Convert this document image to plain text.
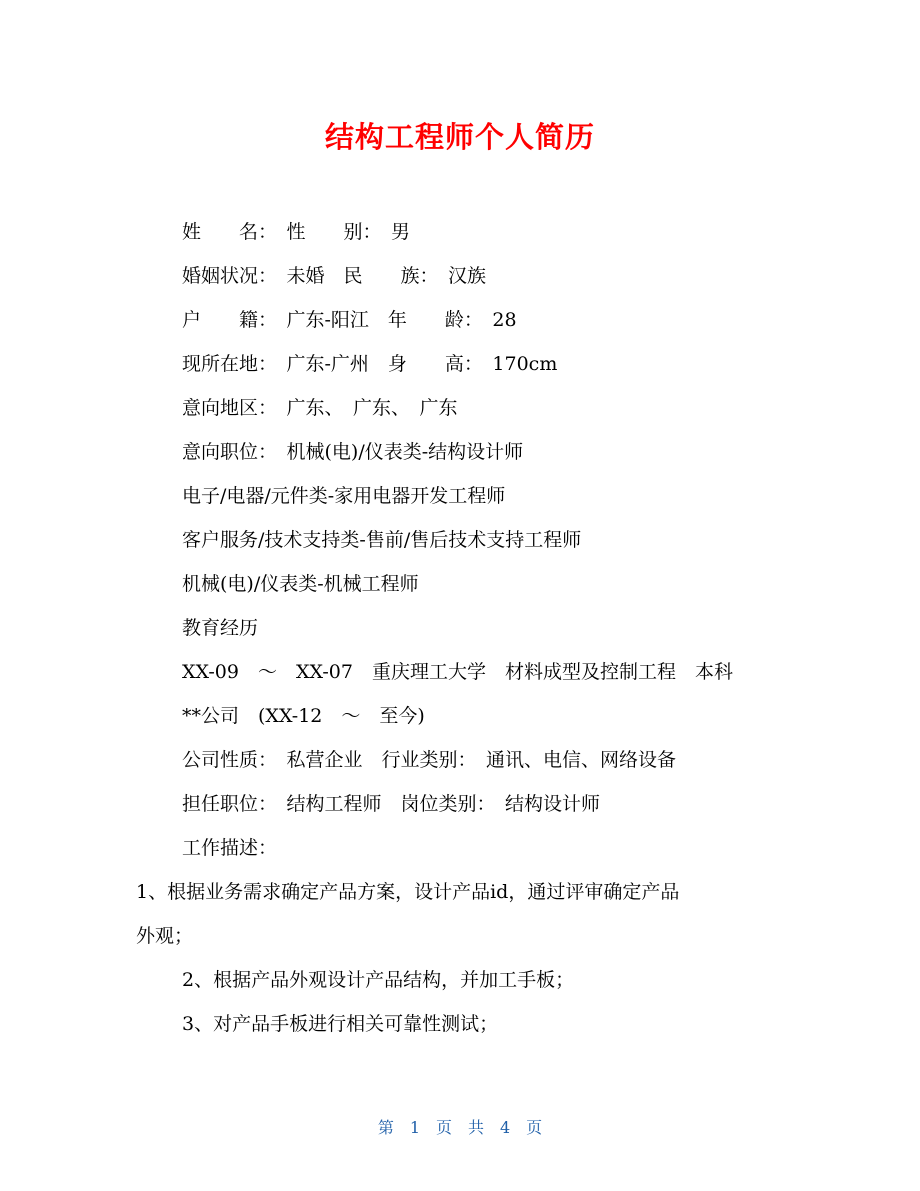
结构工程师个人简历
姓　　名：　性　　别：　男
婚姻状况：　未婚　民　　族：　汉族
户　　籍：　广东-阳江　年　　龄：　28
现所在地：　广东-广州　身　　高：　170cm
意向地区：　广东、　广东、　广东
意向职位：　机械(电)/仪表类-结构设计师
电子/电器/元件类-家用电器开发工程师
客户服务/技术支持类-售前/售后技术支持工程师
机械(电)/仪表类-机械工程师
教育经历
XX-09　～　XX-07　重庆理工大学　材料成型及控制工程　本科
**公司　(XX-12　～　至今)
公司性质：　私营企业　行业类别：　通讯、电信、网络设备
担任职位：　结构工程师　岗位类别：　结构设计师
工作描述：
1、根据业务需求确定产品方案，设计产品id，通过评审确定产品
外观；
2、根据产品外观设计产品结构，并加工手板；
3、对产品手板进行相关可靠性测试；
第　1　页　共　4　页
